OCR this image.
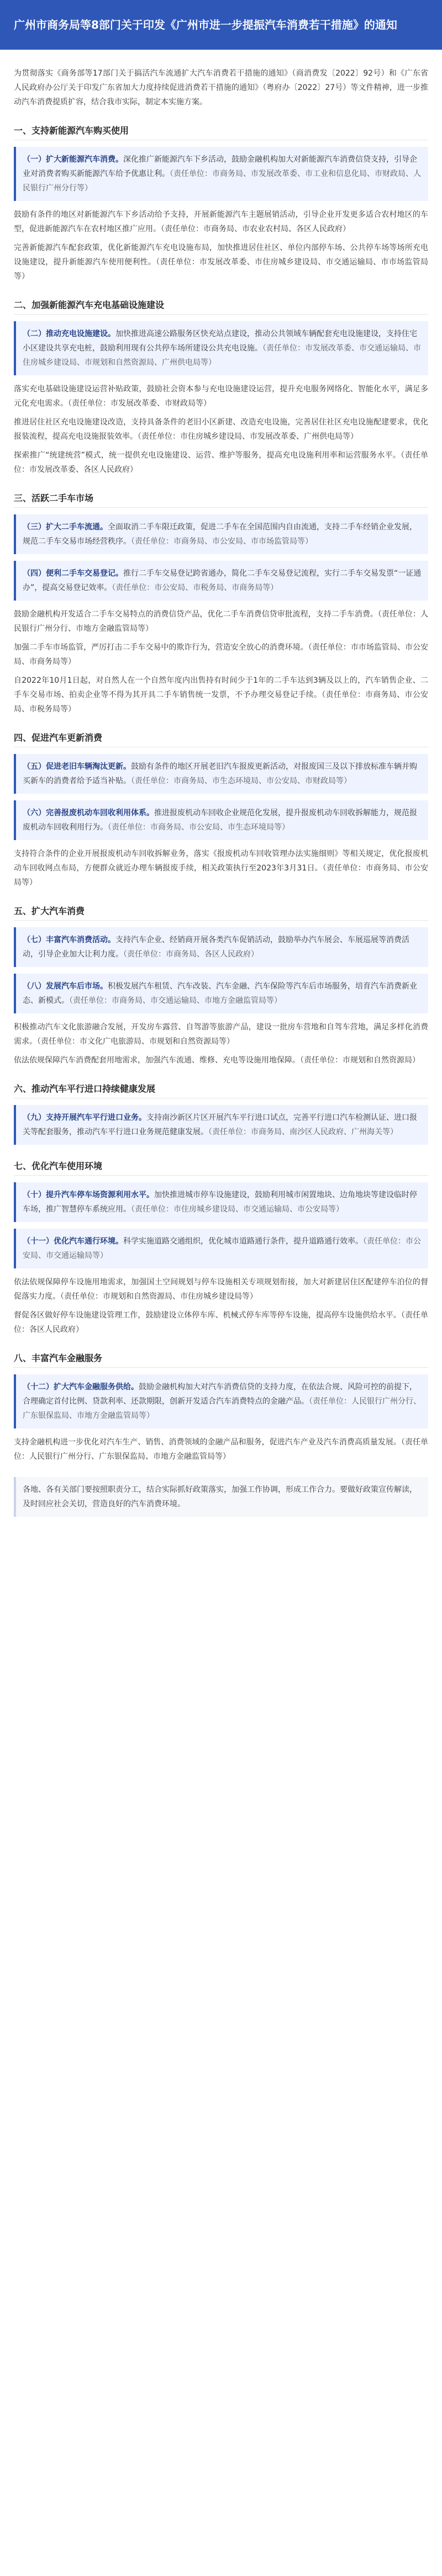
广州市商务局等8部门关于印发《广州市进一步提振汽车消费若干措施》的通知

为贯彻落实《商务部等17部门关于搞活汽车流通扩大汽车消费若干措施的通知》（商消费发〔2022〕92号）和《广东省人民政府办公厅关于印发广东省加大力度持续促进消费若干措施的通知》（粤府办〔2022〕27号）等文件精神，进一步推动汽车消费提质扩容，结合我市实际，制定本实施方案。

一、支持新能源汽车购买使用
（一）扩大新能源汽车消费。深化推广新能源汽车下乡活动，鼓励金融机构加大对新能源汽车消费信贷支持，引导企业对消费者购买新能源汽车给予优惠让利。（责任单位：市商务局、市发展改革委、市工业和信息化局、市财政局、人民银行广州分行等）

鼓励有条件的地区对新能源汽车下乡活动给予支持，开展新能源汽车主题展销活动，引导企业开发更多适合农村地区的车型，促进新能源汽车在农村地区推广应用。（责任单位：市商务局、市农业农村局、各区人民政府）

完善新能源汽车配套政策，优化新能源汽车充电设施布局，加快推进居住社区、单位内部停车场、公共停车场等场所充电设施建设，提升新能源汽车使用便利性。（责任单位：市发展改革委、市住房城乡建设局、市交通运输局、市市场监管局等）

二、加强新能源汽车充电基础设施建设
（二）推动充电设施建设。加快推进高速公路服务区快充站点建设，推动公共领域车辆配套充电设施建设，支持住宅小区建设共享充电桩，鼓励利用现有公共停车场所建设公共充电设施。（责任单位：市发展改革委、市交通运输局、市住房城乡建设局、市规划和自然资源局、广州供电局等）

落实充电基础设施建设运营补贴政策，鼓励社会资本参与充电设施建设运营，提升充电服务网络化、智能化水平，满足多元化充电需求。（责任单位：市发展改革委、市财政局等）

推进居住社区充电设施建设改造，支持具备条件的老旧小区新建、改造充电设施，完善居住社区充电设施配建要求，优化报装流程，提高充电设施报装效率。（责任单位：市住房城乡建设局、市发展改革委、广州供电局等）

探索推广“统建统营”模式，统一提供充电设施建设、运营、维护等服务，提高充电设施利用率和运营服务水平。（责任单位：市发展改革委、各区人民政府）

三、活跃二手车市场
（三）扩大二手车流通。全面取消二手车限迁政策，促进二手车在全国范围内自由流通，支持二手车经销企业发展，规范二手车交易市场经营秩序。（责任单位：市商务局、市公安局、市市场监管局等）
（四）便利二手车交易登记。推行二手车交易登记跨省通办，简化二手车交易登记流程，实行二手车交易发票“一证通办”，提高交易登记效率。（责任单位：市公安局、市税务局、市商务局等）

鼓励金融机构开发适合二手车交易特点的消费信贷产品，优化二手车消费信贷审批流程，支持二手车消费。（责任单位：人民银行广州分行、市地方金融监管局等）

加强二手车市场监管，严厉打击二手车交易中的欺诈行为，营造安全放心的消费环境。（责任单位：市市场监管局、市公安局、市商务局等）

自2022年10月1日起，对自然人在一个自然年度内出售持有时间少于1年的二手车达到3辆及以上的，汽车销售企业、二手车交易市场、拍卖企业等不得为其开具二手车销售统一发票，不予办理交易登记手续。（责任单位：市商务局、市公安局、市税务局等）

四、促进汽车更新消费
（五）促进老旧车辆淘汰更新。鼓励有条件的地区开展老旧汽车报废更新活动，对报废国三及以下排放标准车辆并购买新车的消费者给予适当补贴。（责任单位：市商务局、市生态环境局、市公安局、市财政局等）
（六）完善报废机动车回收利用体系。推进报废机动车回收企业规范化发展，提升报废机动车回收拆解能力，规范报废机动车回收利用行为。（责任单位：市商务局、市公安局、市生态环境局等）

支持符合条件的企业开展报废机动车回收拆解业务，落实《报废机动车回收管理办法实施细则》等相关规定，优化报废机动车回收网点布局，方便群众就近办理车辆报废手续，相关政策执行至2023年3月31日。（责任单位：市商务局、市公安局等）

五、扩大汽车消费
（七）丰富汽车消费活动。支持汽车企业、经销商开展各类汽车促销活动，鼓励举办汽车展会、车展巡展等消费活动，引导企业加大让利力度。（责任单位：市商务局、各区人民政府）
（八）发展汽车后市场。积极发展汽车租赁、汽车改装、汽车金融、汽车保险等汽车后市场服务，培育汽车消费新业态、新模式。（责任单位：市商务局、市交通运输局、市地方金融监管局等）

积极推动汽车文化旅游融合发展，开发房车露营、自驾游等旅游产品，建设一批房车营地和自驾车营地，满足多样化消费需求。（责任单位：市文化广电旅游局、市规划和自然资源局等）

依法依规保障汽车消费配套用地需求，加强汽车流通、维修、充电等设施用地保障。（责任单位：市规划和自然资源局）

六、推动汽车平行进口持续健康发展
（九）支持开展汽车平行进口业务。支持南沙新区片区开展汽车平行进口试点，完善平行进口汽车检测认证、进口报关等配套服务，推动汽车平行进口业务规范健康发展。（责任单位：市商务局、南沙区人民政府、广州海关等）
七、优化汽车使用环境
（十）提升汽车停车场资源利用水平。加快推进城市停车设施建设，鼓励利用城市闲置地块、边角地块等建设临时停车场，推广智慧停车系统应用。（责任单位：市住房城乡建设局、市交通运输局、市公安局等）
（十一）优化汽车通行环境。科学实施道路交通组织，优化城市道路通行条件，提升道路通行效率。（责任单位：市公安局、市交通运输局等）

依法依规保障停车设施用地需求，加强国土空间规划与停车设施相关专项规划衔接，加大对新建居住区配建停车泊位的督促落实力度。（责任单位：市规划和自然资源局、市住房城乡建设局等）

督促各区做好停车设施建设管理工作，鼓励建设立体停车库、机械式停车库等停车设施，提高停车设施供给水平。（责任单位：各区人民政府）

八、丰富汽车金融服务
（十二）扩大汽车金融服务供给。鼓励金融机构加大对汽车消费信贷的支持力度，在依法合规、风险可控的前提下，合理确定首付比例、贷款利率、还款期限，创新开发适合汽车消费特点的金融产品。（责任单位：人民银行广州分行、广东银保监局、市地方金融监管局等）

支持金融机构进一步优化对汽车生产、销售、消费领域的金融产品和服务，促进汽车产业及汽车消费高质量发展。（责任单位：人民银行广州分行、广东银保监局、市地方金融监管局等）

各地、各有关部门要按照职责分工，结合实际抓好政策落实，加强工作协调，形成工作合力。要做好政策宣传解读，及时回应社会关切，营造良好的汽车消费环境。
